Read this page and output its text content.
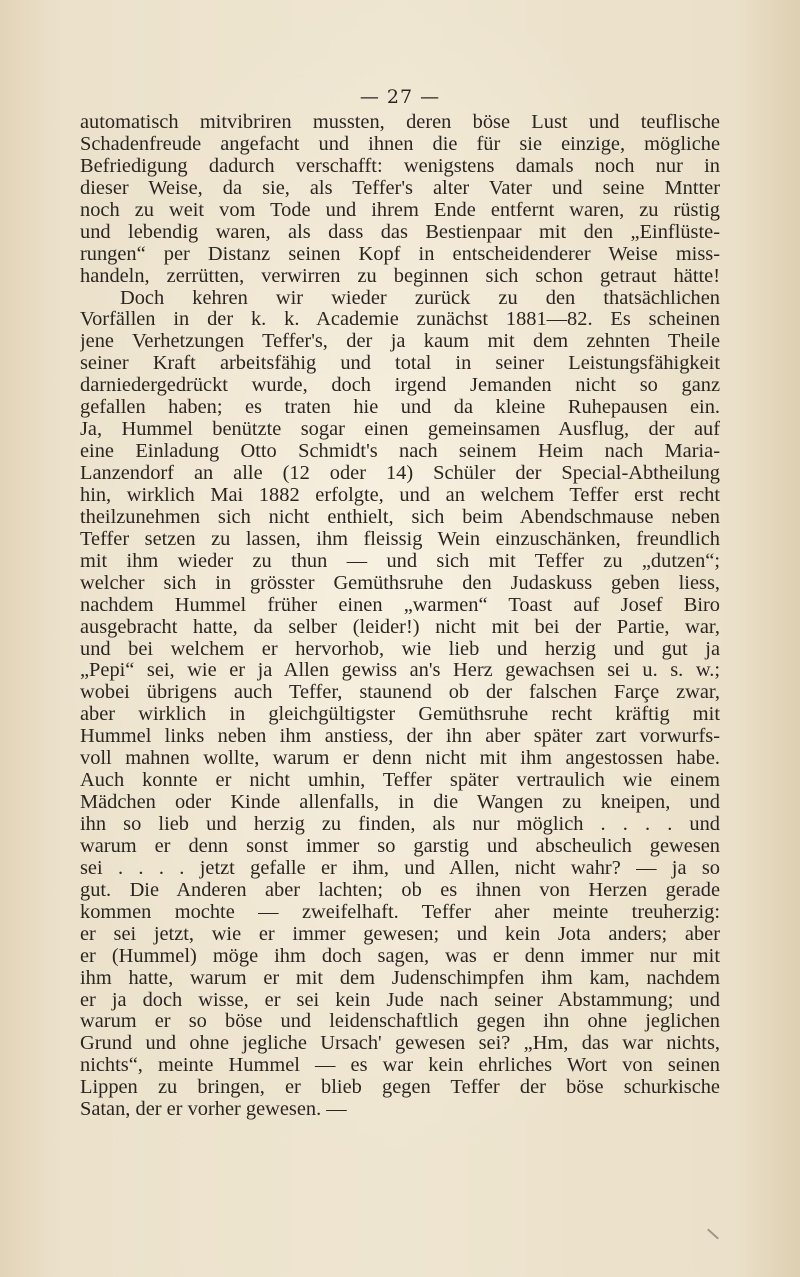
— 27 —
automatisch mitvibriren mussten, deren böse Lust und teuflische
Schadenfreude angefacht und ihnen die für sie einzige, mögliche
Befriedigung dadurch verschafft: wenigstens damals noch nur in
dieser Weise, da sie, als Teffer's alter Vater und seine Mntter
noch zu weit vom Tode und ihrem Ende entfernt waren, zu rüstig
und lebendig waren, als dass das Bestienpaar mit den „Einflüste-
rungen“ per Distanz seinen Kopf in entscheidenderer Weise miss-
handeln, zerrütten, verwirren zu beginnen sich schon getraut hätte!
Doch kehren wir wieder zurück zu den thatsächlichen
Vorfällen in der k. k. Academie zunächst 1881—82. Es scheinen
jene Verhetzungen Teffer's, der ja kaum mit dem zehnten Theile
seiner Kraft arbeitsfähig und total in seiner Leistungsfähigkeit
darniedergedrückt wurde, doch irgend Jemanden nicht so ganz
gefallen haben; es traten hie und da kleine Ruhepausen ein.
Ja, Hummel benützte sogar einen gemeinsamen Ausflug, der auf
eine Einladung Otto Schmidt's nach seinem Heim nach Maria-
Lanzendorf an alle (12 oder 14) Schüler der Special-Abtheilung
hin, wirklich Mai 1882 erfolgte, und an welchem Teffer erst recht
theilzunehmen sich nicht enthielt, sich beim Abendschmause neben
Teffer setzen zu lassen, ihm fleissig Wein einzuschänken, freundlich
mit ihm wieder zu thun — und sich mit Teffer zu „dutzen“;
welcher sich in grösster Gemüthsruhe den Judaskuss geben liess,
nachdem Hummel früher einen „warmen“ Toast auf Josef Biro
ausgebracht hatte, da selber (leider!) nicht mit bei der Partie, war,
und bei welchem er hervorhob, wie lieb und herzig und gut ja
„Pepi“ sei, wie er ja Allen gewiss an's Herz gewachsen sei u. s. w.;
wobei übrigens auch Teffer, staunend ob der falschen Farçe zwar,
aber wirklich in gleichgültigster Gemüthsruhe recht kräftig mit
Hummel links neben ihm anstiess, der ihn aber später zart vorwurfs-
voll mahnen wollte, warum er denn nicht mit ihm angestossen habe.
Auch konnte er nicht umhin, Teffer später vertraulich wie einem
Mädchen oder Kinde allenfalls, in die Wangen zu kneipen, und
ihn so lieb und herzig zu finden, als nur möglich . . . . und
warum er denn sonst immer so garstig und abscheulich gewesen
sei . . . . jetzt gefalle er ihm, und Allen, nicht wahr? — ja so
gut. Die Anderen aber lachten; ob es ihnen von Herzen gerade
kommen mochte — zweifelhaft. Teffer aher meinte treuherzig:
er sei jetzt, wie er immer gewesen; und kein Jota anders; aber
er (Hummel) möge ihm doch sagen, was er denn immer nur mit
ihm hatte, warum er mit dem Judenschimpfen ihm kam, nachdem
er ja doch wisse, er sei kein Jude nach seiner Abstammung; und
warum er so böse und leidenschaftlich gegen ihn ohne jeglichen
Grund und ohne jegliche Ursach' gewesen sei? „Hm, das war nichts,
nichts“, meinte Hummel — es war kein ehrliches Wort von seinen
Lippen zu bringen, er blieb gegen Teffer der böse schurkische
Satan, der er vorher gewesen. —
